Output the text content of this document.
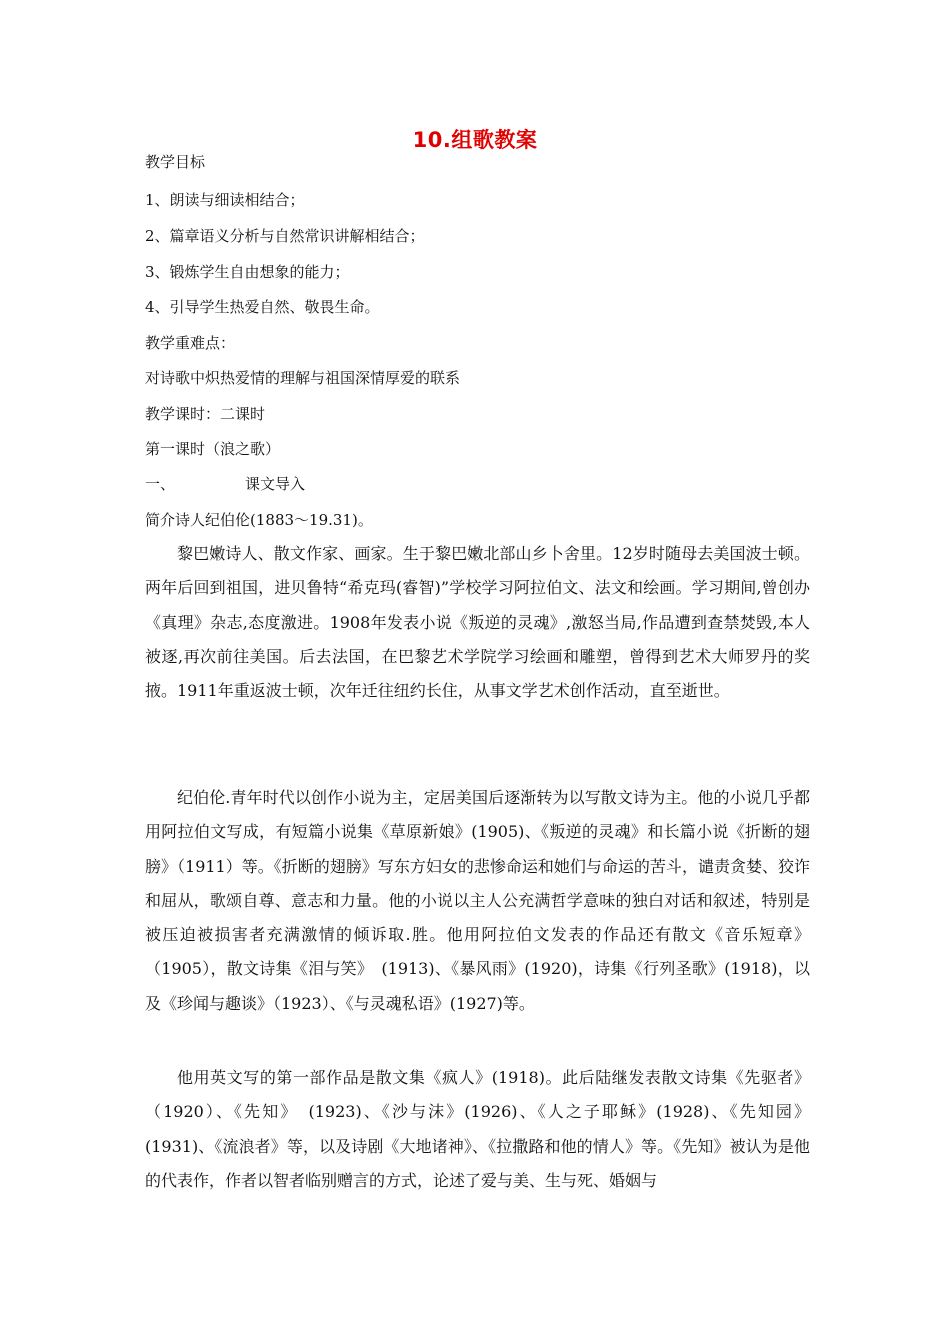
10.组歌教案
教学目标
1、朗读与细读相结合；
2、篇章语义分析与自然常识讲解相结合；
3、锻炼学生自由想象的能力；
4、引导学生热爱自然、敬畏生命。
教学重难点：
对诗歌中炽热爱情的理解与祖国深情厚爱的联系
教学课时：二课时
第一课时（浪之歌）
一、	课文导入
简介诗人纪伯伦(1883～19.31)。
黎巴嫩诗人、散文作家、画家。生于黎巴嫩北部山乡卜舍里。12岁时随母去美国波士顿。两年后回到祖国，进贝鲁特“希克玛(睿智)”学校学习阿拉伯文、法文和绘画。学习期间,曾创办《真理》杂志,态度激进。1908年发表小说《叛逆的灵魂》,激怒当局,作品遭到查禁焚毁,本人被逐,再次前往美国。后去法国，在巴黎艺术学院学习绘画和雕塑，曾得到艺术大师罗丹的奖掖。1911年重返波士顿，次年迁往纽约长住，从事文学艺术创作活动，直至逝世。
纪伯伦.青年时代以创作小说为主，定居美国后逐渐转为以写散文诗为主。他的小说几乎都用阿拉伯文写成，有短篇小说集《草原新娘》(1905)、《叛逆的灵魂》和长篇小说《折断的翅膀》（1911）等。《折断的翅膀》写东方妇女的悲惨命运和她们与命运的苦斗，谴责贪婪、狡诈和屈从，歌颂自尊、意志和力量。他的小说以主人公充满哲学意味的独白对话和叙述，特别是被压迫被损害者充满激情的倾诉取.胜。他用阿拉伯文发表的作品还有散文《音乐短章》（1905），散文诗集《泪与笑》　(1913)、《暴风雨》(1920)，诗集《行列圣歌》(1918)，以及《珍闻与趣谈》（1923）、《与灵魂私语》(1927)等。
他用英文写的第一部作品是散文集《疯人》(1918)。此后陆继发表散文诗集《先驱者》（1920）、《先知》　(1923)、《沙与沫》(1926)、《人之子耶稣》(1928)、《先知园》(1931)、《流浪者》等，以及诗剧《大地诸神》、《拉撒路和他的情人》等。《先知》被认为是他的代表作，作者以智者临别赠言的方式，论述了爱与美、生与死、婚姻与
